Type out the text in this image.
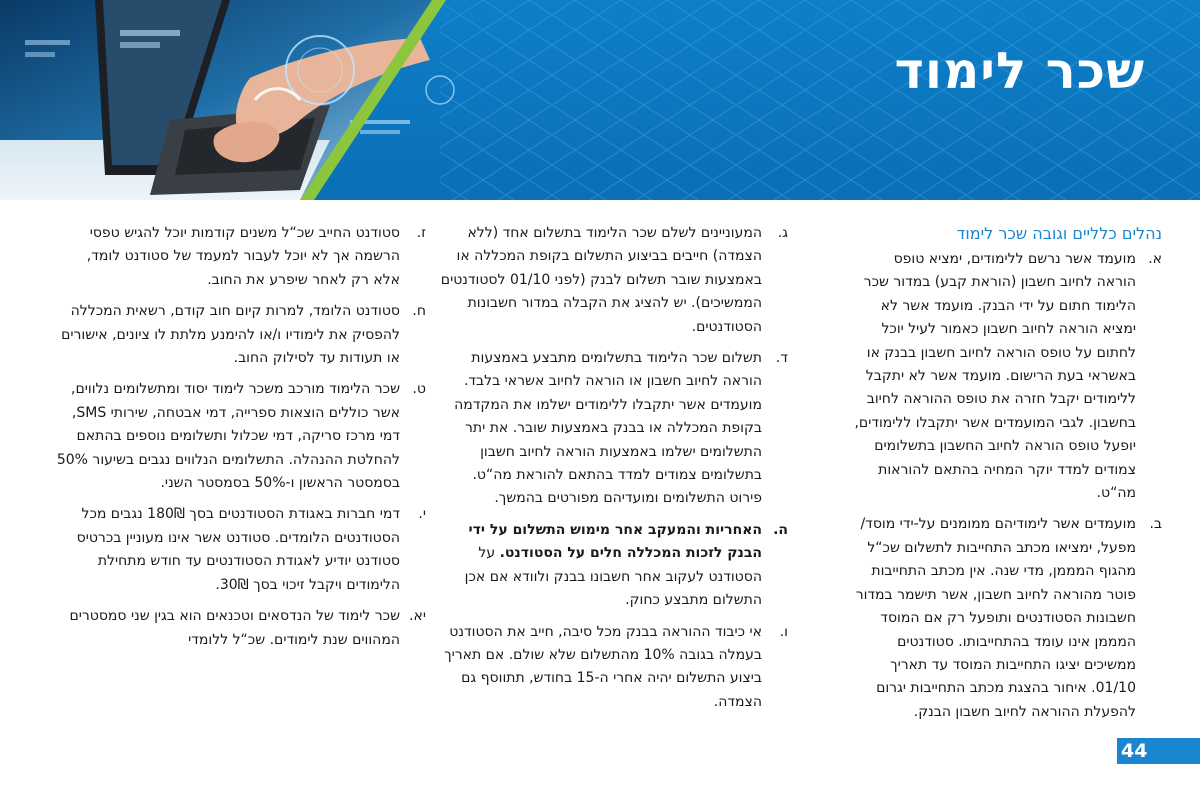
שכר לימוד
נהלים כלליים וגובה שכר לימוד
א.
מועמד אשר נרשם ללימודים, ימציא טופס הוראה לחיוב חשבון (הוראת קבע) במדור שכר הלימוד חתום על ידי הבנק. מועמד אשר לא ימציא הוראה לחיוב חשבון כאמור לעיל יוכל לחתום על טופס הוראה לחיוב חשבון בבנק או באשראי בעת הרישום. מועמד אשר לא יתקבל ללימודים יקבל חזרה את טופס ההוראה לחיוב בחשבון. לגבי המועמדים אשר יתקבלו ללימודים, יופעל טופס הוראה לחיוב החשבון בתשלומים צמודים למדד יוקר המחיה בהתאם להוראות מה“ט.
ב.
מועמדים אשר לימודיהם ממומנים על-ידי מוסד/ מפעל, ימציאו מכתב התחייבות לתשלום שכ“ל מהגוף המממן, מדי שנה. אין מכתב התחייבות פוטר מהוראה לחיוב חשבון, אשר תישמר במדור חשבונות הסטודנטים ותופעל רק אם המוסד המממן אינו עומד בהתחייבותו. סטודנטים ממשיכים יציגו התחייבות המוסד עד תאריך 01/10. איחור בהצגת מכתב התחייבות יגרום להפעלת ההוראה לחיוב חשבון הבנק.
ג.
המעוניינים לשלם שכר הלימוד בתשלום אחד (ללא הצמדה) חייבים בביצוע התשלום בקופת המכללה או באמצעות שובר תשלום לבנק (לפני 01/10 לסטודנטים הממשיכים). יש להציג את הקבלה במדור חשבונות הסטודנטים.
ד.
תשלום שכר הלימוד בתשלומים מתבצע באמצעות הוראה לחיוב חשבון או הוראה לחיוב אשראי בלבד. מועמדים אשר יתקבלו ללימודים ישלמו את המקדמה בקופת המכללה או בבנק באמצעות שובר. את יתר התשלומים ישלמו באמצעות הוראה לחיוב חשבון בתשלומים צמודים למדד בהתאם להוראת מה“ט. פירוט התשלומים ומועדיהם מפורטים בהמשך.
ה.
האחריות והמעקב אחר מימוש התשלום על ידי הבנק לזכות המכללה חלים על הסטודנט. על הסטודנט לעקוב אחר חשבונו בבנק ולוודא אם אכן התשלום מתבצע כחוק.
ו.
אי כיבוד ההוראה בבנק מכל סיבה, חייב את הסטודנט בעמלה בגובה 10% מהתשלום שלא שולם. אם תאריך ביצוע התשלום יהיה אחרי ה-15 בחודש, תתווסף גם הצמדה.
ז.
סטודנט החייב שכ“ל משנים קודמות יוכל להגיש טפסי הרשמה אך לא יוכל לעבור למעמד של סטודנט לומד, אלא רק לאחר שיפרע את החוב.
ח.
סטודנט הלומד, למרות קיום חוב קודם, רשאית המכללה להפסיק את לימודיו ו/או להימנע מלתת לו ציונים, אישורים או תעודות עד לסילוק החוב.
ט.
שכר הלימוד מורכב משכר לימוד יסוד ומתשלומים נלווים, אשר כוללים הוצאות ספרייה, דמי אבטחה, שירותי SMS, דמי מרכז סריקה, דמי שכלול ותשלומים נוספים בהתאם להחלטת ההנהלה. התשלומים הנלווים נגבים בשיעור 50% בסמסטר הראשון ו-50% בסמסטר השני.
י.
דמי חברות באגודת הסטודנטים בסך 180₪ נגבים מכל הסטודנטים הלומדים. סטודנט אשר אינו מעוניין בכרטיס סטודנט יודיע לאגודת הסטודנטים עד חודש מתחילת הלימודים ויקבל זיכוי בסך 30₪.
יא.
שכר לימוד של הנדסאים וטכנאים הוא בגין שני סמסטרים המהווים שנת לימודים. שכ“ל ללומדי
44
